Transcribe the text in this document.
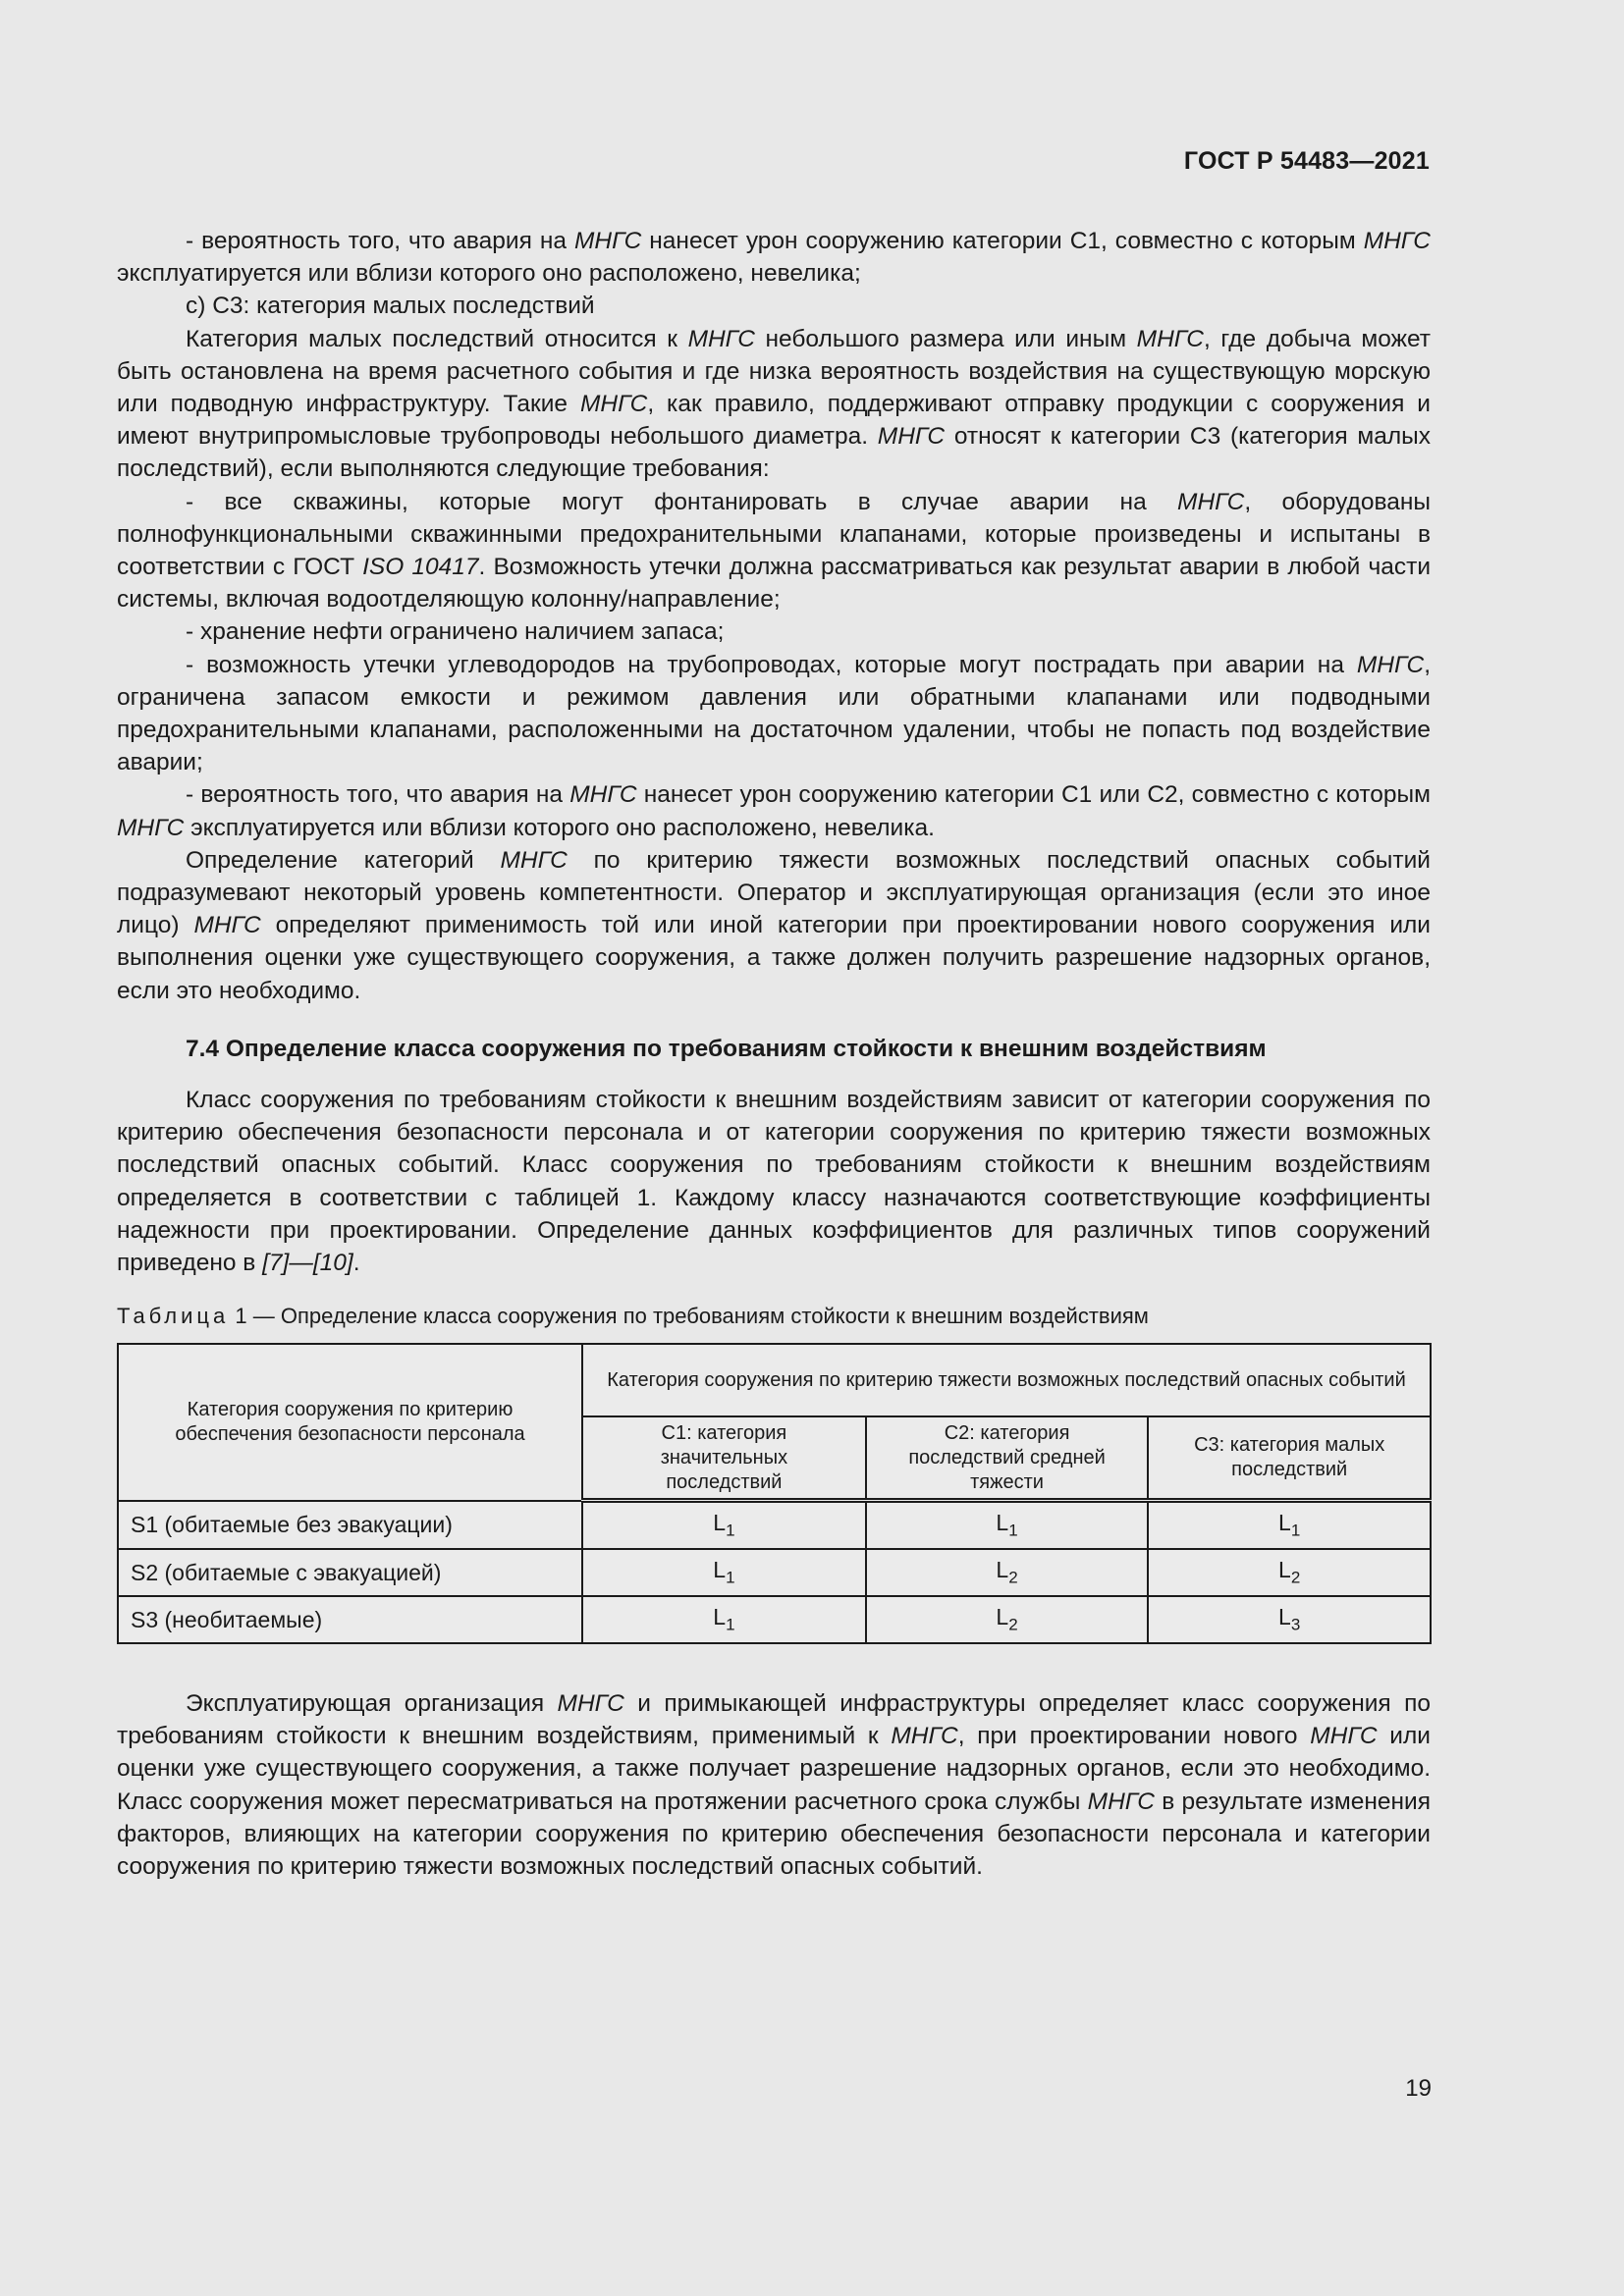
ГОСТ Р 54483—2021

- вероятность того, что авария на МНГС нанесет урон сооружению категории С1, совместно с которым МНГС эксплуатируется или вблизи которого оно расположено, невелика;

c) С3: категория малых последствий

Категория малых последствий относится к МНГС небольшого размера или иным МНГС, где добыча может быть остановлена на время расчетного события и где низка вероятность воздействия на существующую морскую или подводную инфраструктуру. Такие МНГС, как правило, поддерживают отправку продукции с сооружения и имеют внутрипромысловые трубопроводы небольшого диаметра. МНГС относят к категории С3 (категория малых последствий), если выполняются следующие требования:

- все скважины, которые могут фонтанировать в случае аварии на МНГС, оборудованы полнофункциональными скважинными предохранительными клапанами, которые произведены и испытаны в соответствии с ГОСТ ISO 10417. Возможность утечки должна рассматриваться как результат аварии в любой части системы, включая водоотделяющую колонну/направление;

- хранение нефти ограничено наличием запаса;

- возможность утечки углеводородов на трубопроводах, которые могут пострадать при аварии на МНГС, ограничена запасом емкости и режимом давления или обратными клапанами или подводными предохранительными клапанами, расположенными на достаточном удалении, чтобы не попасть под воздействие аварии;

- вероятность того, что авария на МНГС нанесет урон сооружению категории С1 или С2, совместно с которым МНГС эксплуатируется или вблизи которого оно расположено, невелика.

Определение категорий МНГС по критерию тяжести возможных последствий опасных событий подразумевают некоторый уровень компетентности. Оператор и эксплуатирующая организация (если это иное лицо) МНГС определяют применимость той или иной категории при проектировании нового сооружения или выполнения оценки уже существующего сооружения, а также должен получить разрешение надзорных органов, если это необходимо.

7.4 Определение класса сооружения по требованиям стойкости к внешним воздействиям

Класс сооружения по требованиям стойкости к внешним воздействиям зависит от категории сооружения по критерию обеспечения безопасности персонала и от категории сооружения по критерию тяжести возможных последствий опасных событий. Класс сооружения по требованиям стойкости к внешним воздействиям определяется в соответствии с таблицей 1. Каждому классу назначаются соответствующие коэффициенты надежности при проектировании. Определение данных коэффициентов для различных типов сооружений приведено в [7]—[10].

Таблица 1 — Определение класса сооружения по требованиям стойкости к внешним воздействиям
Категория сооружения по критерию обеспечения безопасности персонала	Категория сооружения по критерию тяжести возможных последствий опасных событий		
	С1: категория значительных последствий	С2: категория последствий средней тяжести	С3: категория малых последствий
S1 (обитаемые без эвакуации)	$L_1$	$L_1$	$L_1$
S2 (обитаемые с эвакуацией)	$L_1$	$L_2$	$L_2$
S3 (необитаемые)	$L_1$	$L_2$	$L_3$

Эксплуатирующая организация МНГС и примыкающей инфраструктуры определяет класс сооружения по требованиям стойкости к внешним воздействиям, применимый к МНГС, при проектировании нового МНГС или оценки уже существующего сооружения, а также получает разрешение надзорных органов, если это необходимо. Класс сооружения может пересматриваться на протяжении расчетного срока службы МНГС в результате изменения факторов, влияющих на категории сооружения по критерию обеспечения безопасности персонала и категории сооружения по критерию тяжести возможных последствий опасных событий.

19
